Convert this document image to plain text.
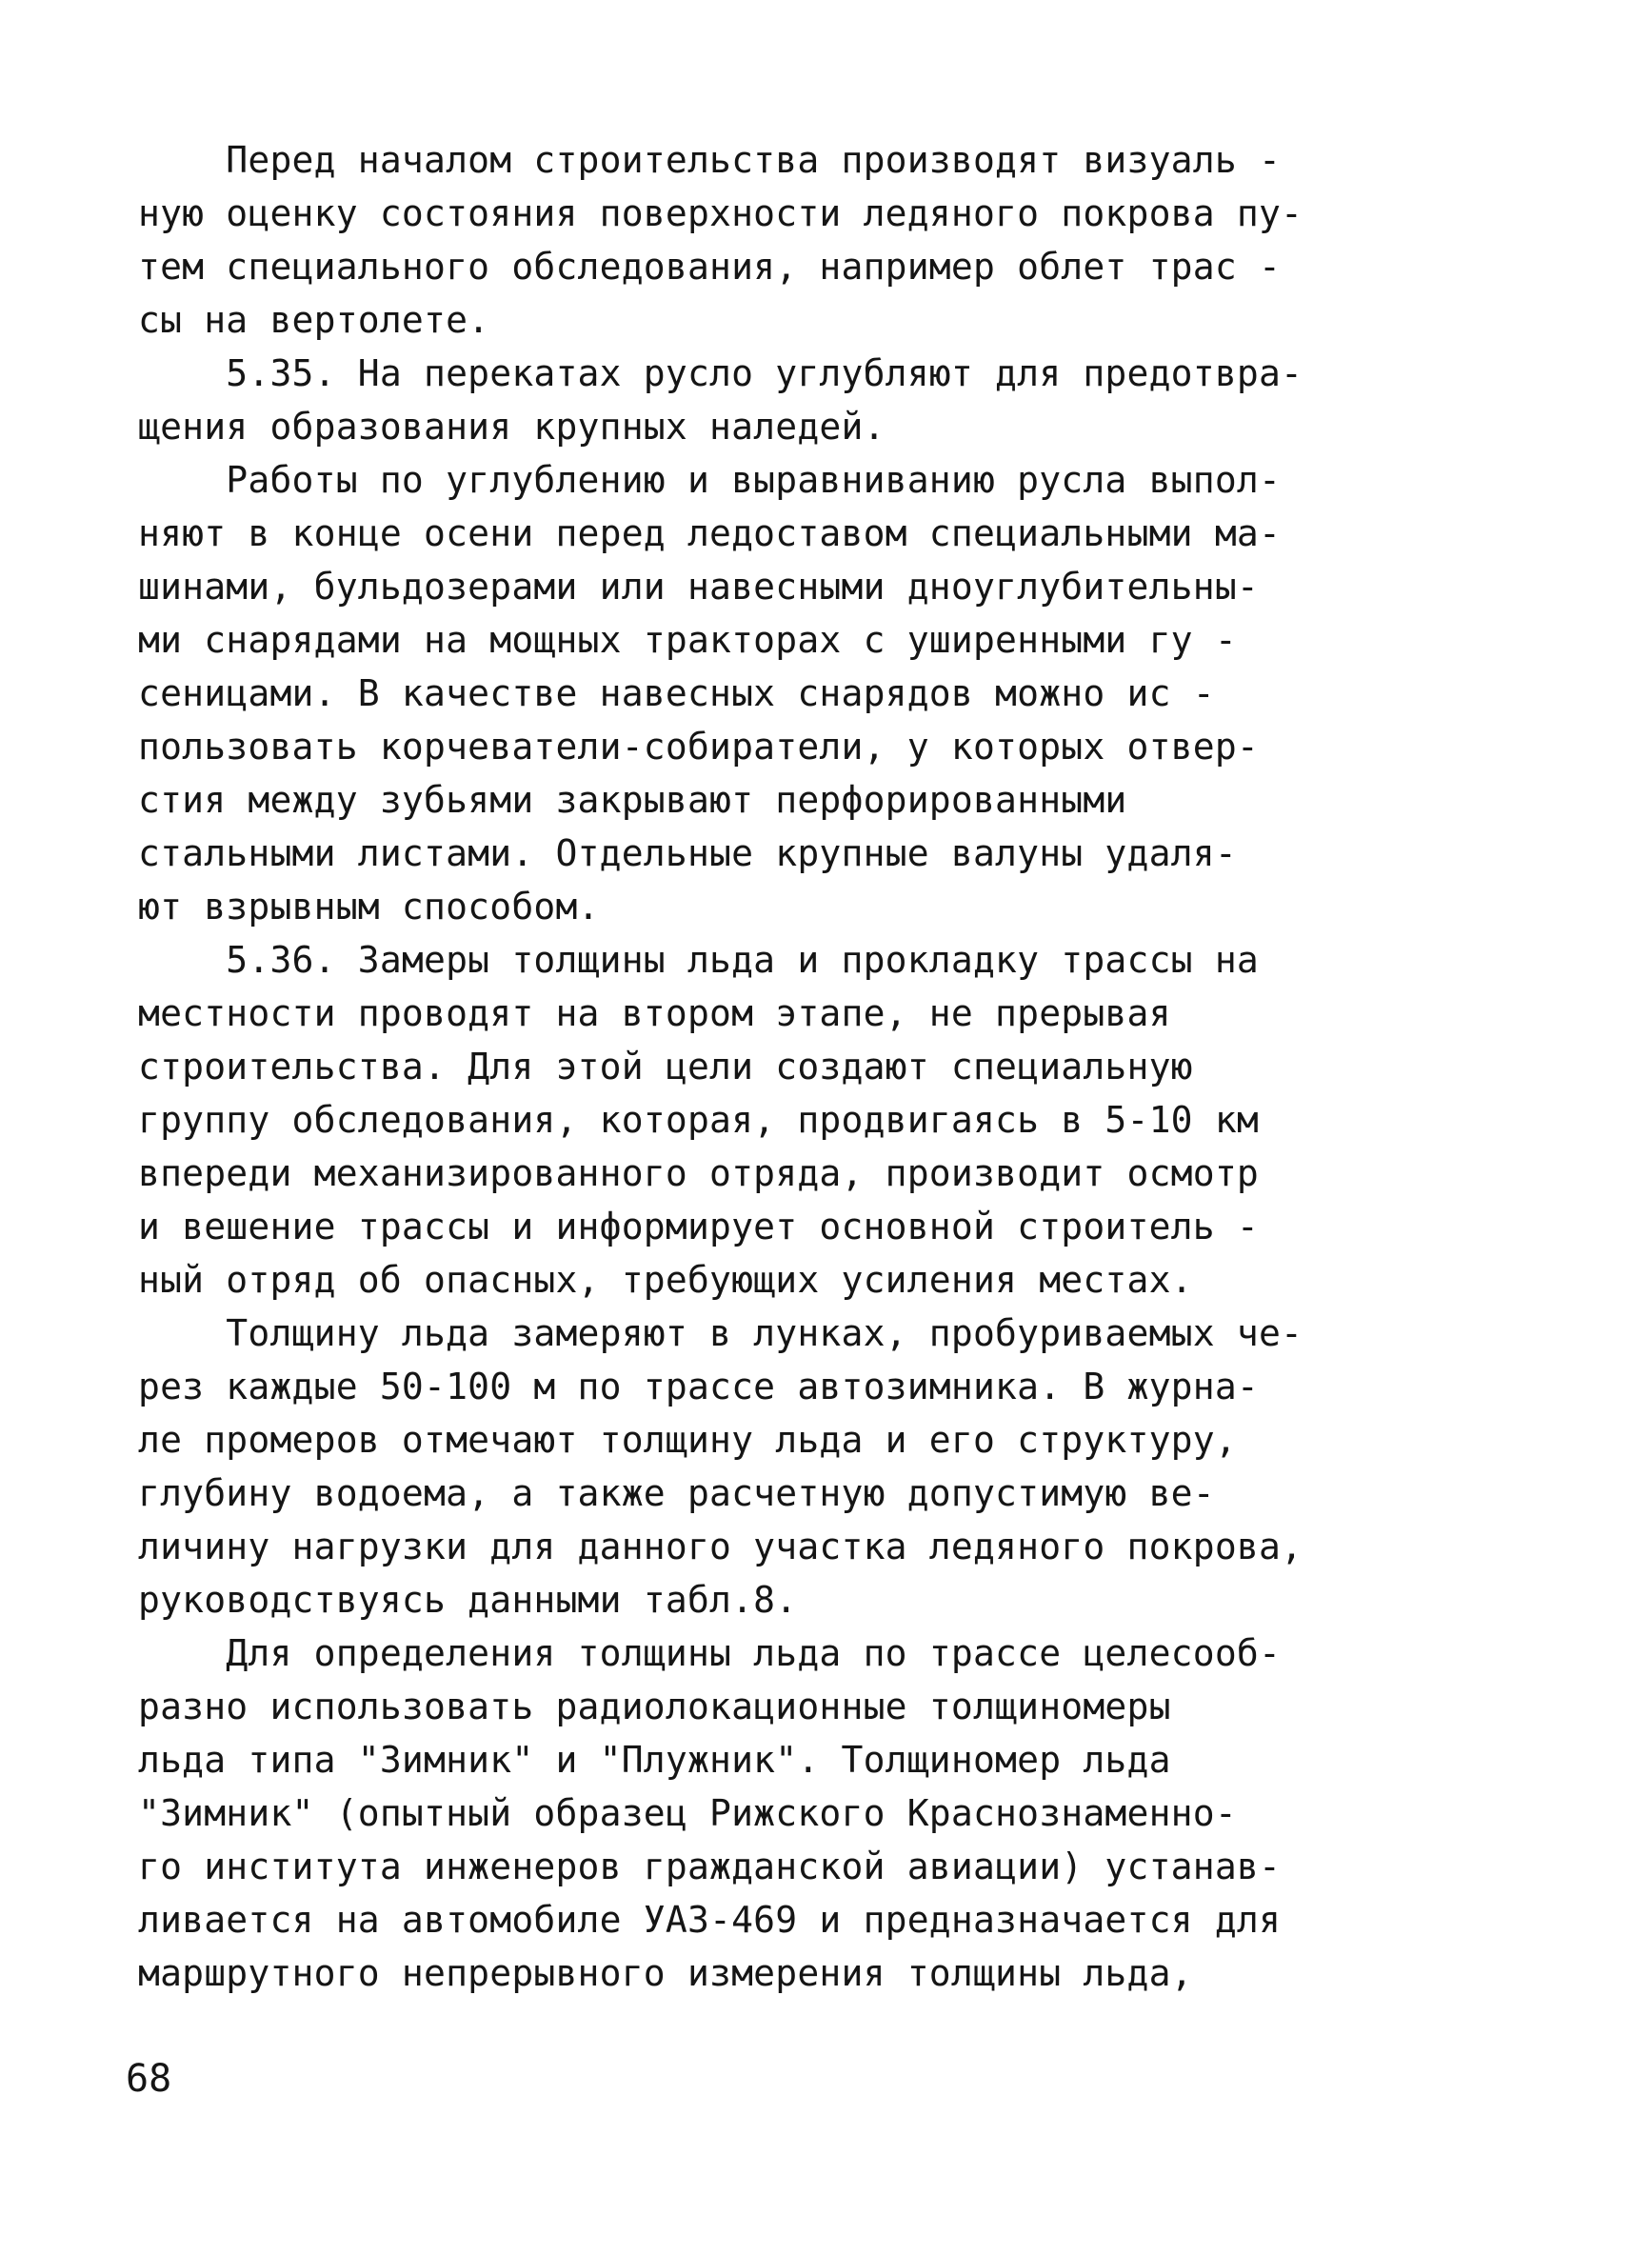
Перед началом строительства производят визуаль -
ную оценку состояния поверхности ледяного покрова пу-
тем специального обследования, например облет трас -
сы на вертолете.
5.35. На перекатах русло углубляют для предотвра-
щения образования крупных наледей.
Работы по углублению и выравниванию русла выпол-
няют в конце осени перед ледоставом специальными ма-
шинами, бульдозерами или навесными дноуглубительны-
ми снарядами на мощных тракторах с уширенными гу -
сеницами. В качестве навесных снарядов можно ис -
пользовать корчеватели-собиратели, у которых отвер-
стия между зубьями закрывают перфорированными
стальными листами. Отдельные крупные валуны удаля-
ют взрывным способом.
5.36. Замеры толщины льда и прокладку трассы на
местности проводят на втором этапе, не прерывая
строительства. Для этой цели создают специальную
группу обследования, которая, продвигаясь в 5-10 км
впереди механизированного отряда, производит осмотр
и вешение трассы и информирует основной строитель -
ный отряд об опасных, требующих усиления местах.
Толщину льда замеряют в лунках, пробуриваемых че-
рез каждые 50-100 м по трассе автозимника. В журна-
ле промеров отмечают толщину льда и его структуру,
глубину водоема, а также расчетную допустимую ве-
личину нагрузки для данного участка ледяного покрова,
руководствуясь данными табл.8.
Для определения толщины льда по трассе целесооб-
разно использовать радиолокационные толщиномеры
льда типа "Зимник" и "Плужник". Толщиномер льда
"Зимник" (опытный образец Рижского Краснознаменно-
го института инженеров гражданской авиации) устанав-
ливается на автомобиле УАЗ-469 и предназначается для
маршрутного непрерывного измерения толщины льда,
68
